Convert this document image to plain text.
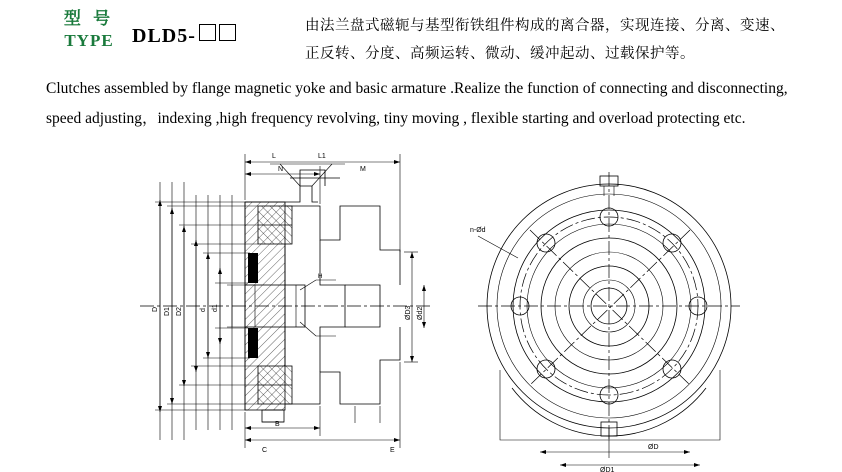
型 号
TYPE DLD5-	由法兰盘式磁轭与基型衔铁组件构成的离合器，实现连接、分离、变速、
正反转、分度、高频运转、微动、缓冲起动、过载保护等。
Clutches assembled by flange magnetic yoke and basic armature .Realize the function of connecting and disconnecting,
speed adjusting，indexing ,high frequency revolving, tiny moving , flexible starting and overload protecting etc.
D	d d1
D2
D1
L	L1
N	M
B
C	E
ØD3 Ød2
H
n-Ød
ØD
ØD1
